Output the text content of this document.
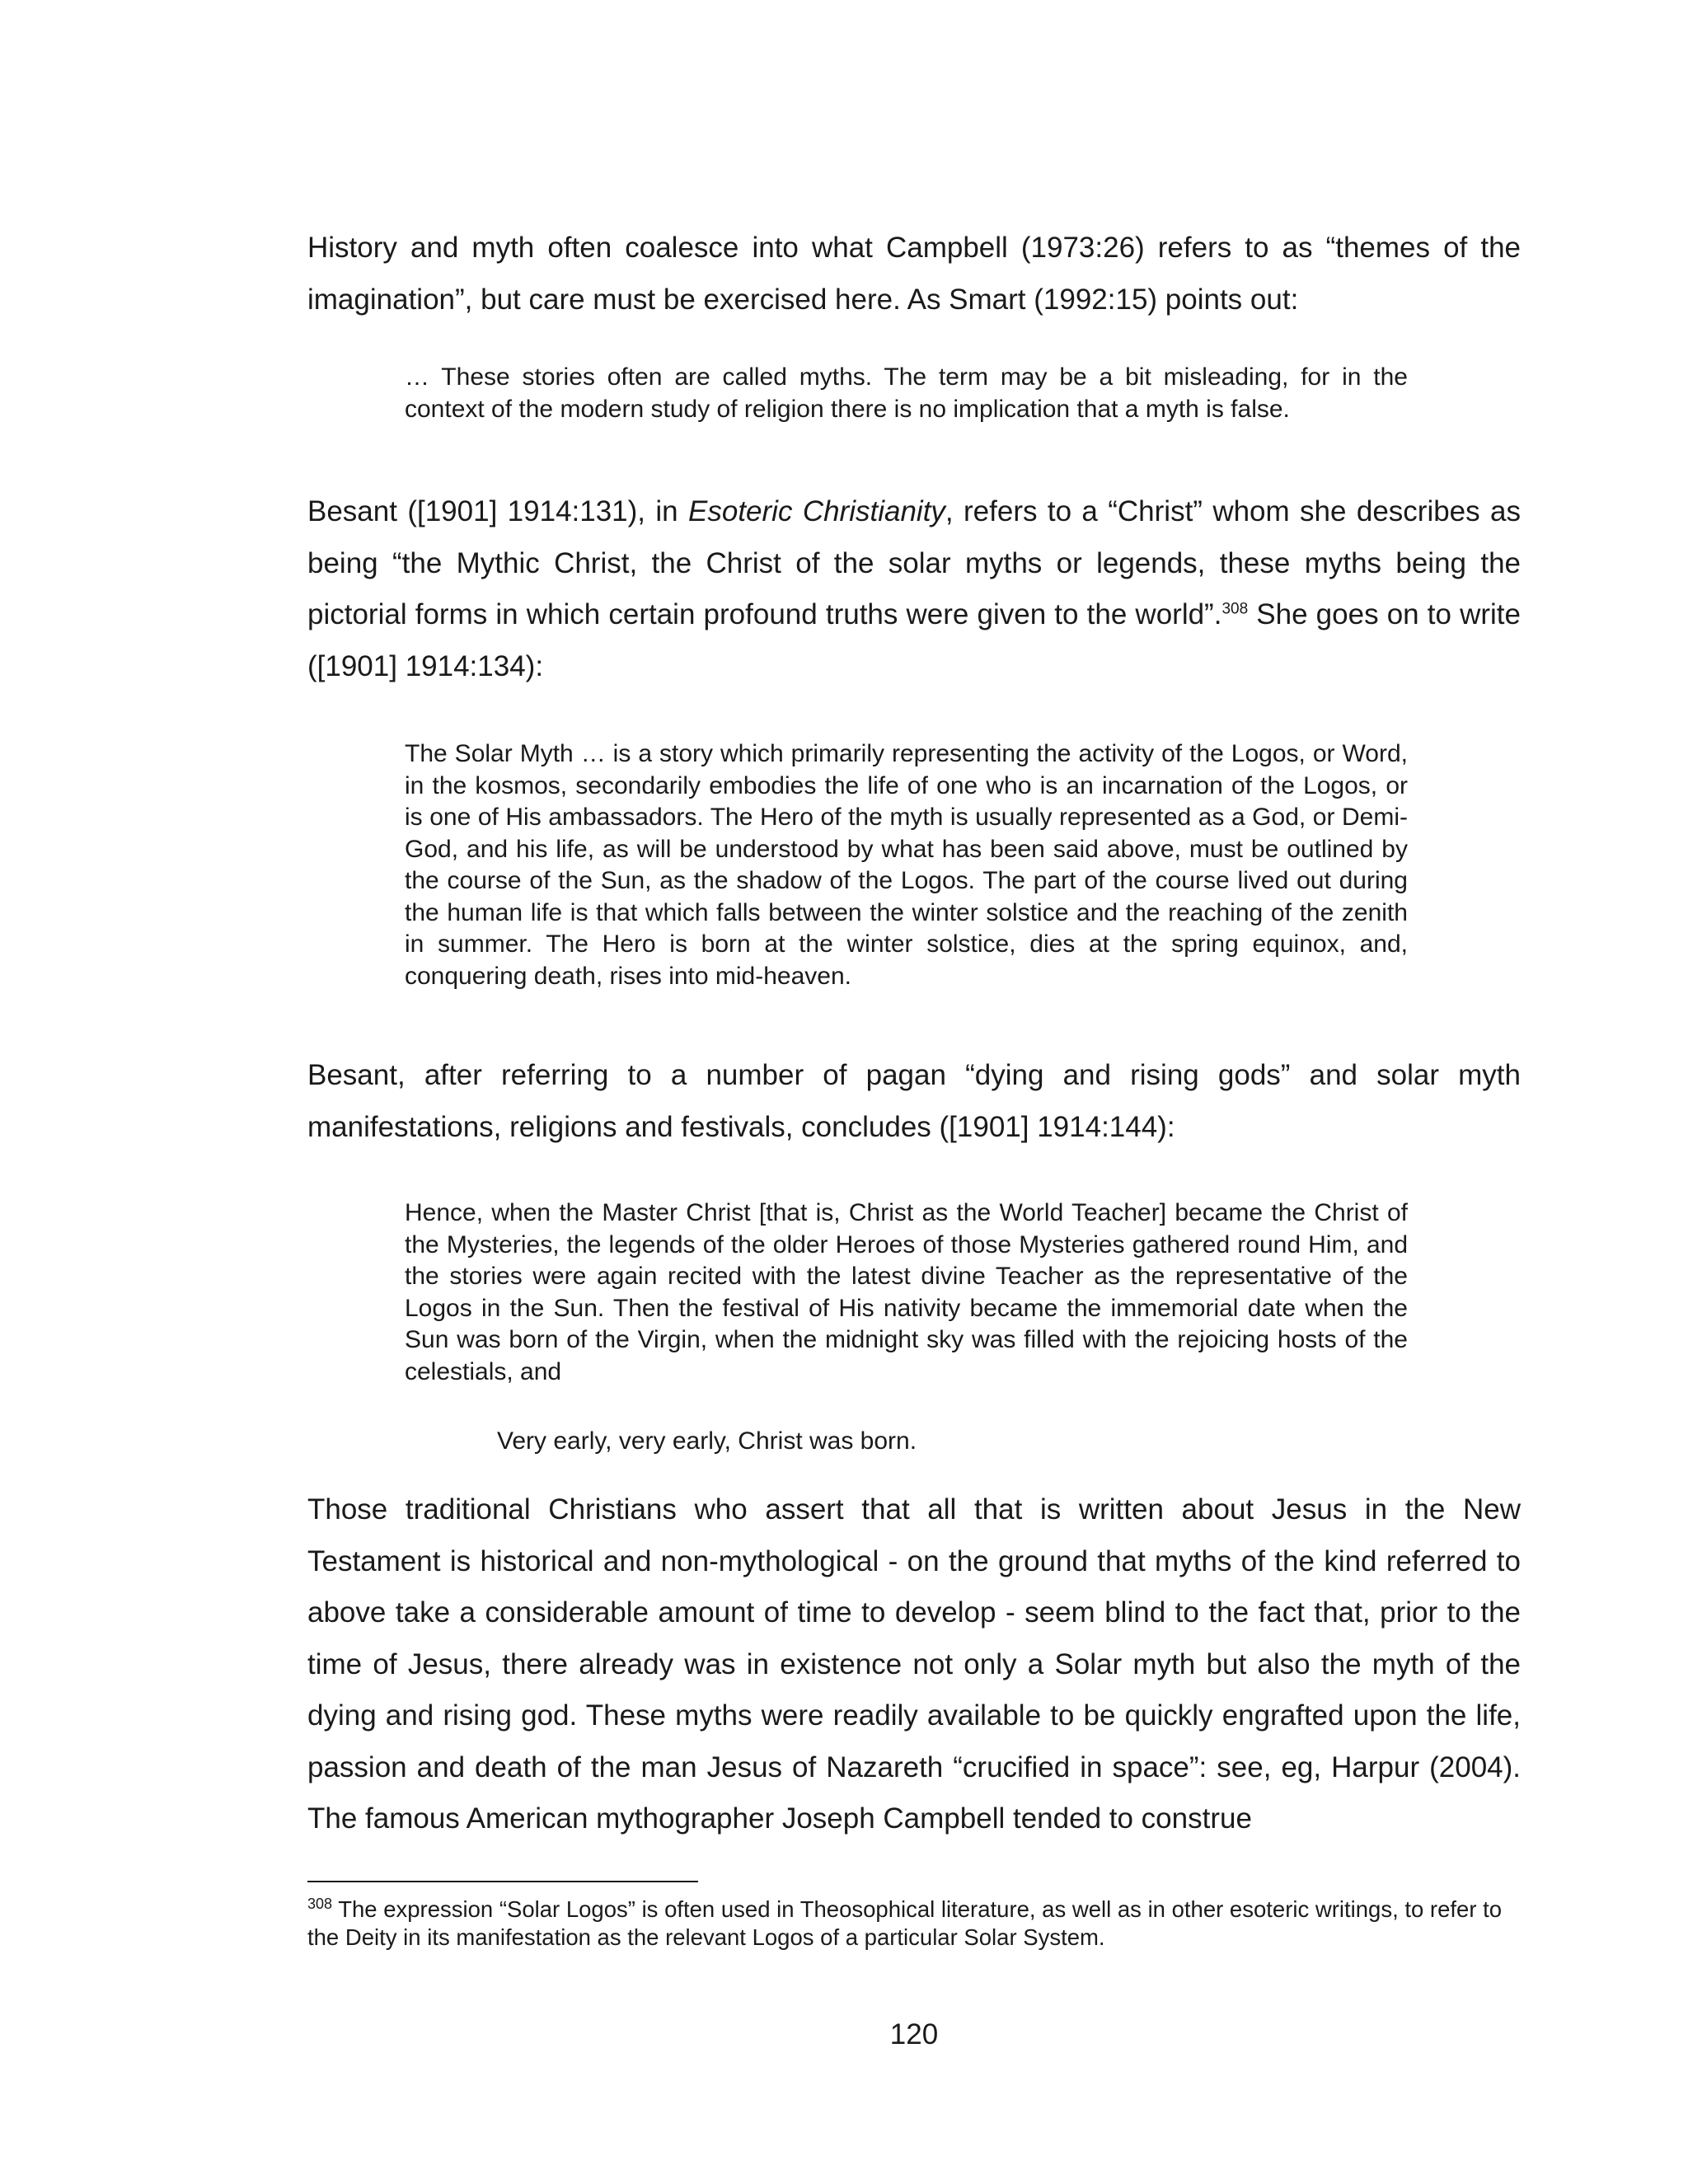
History and myth often coalesce into what Campbell (1973:26) refers to as “themes of the
imagination”, but care must be exercised here. As Smart (1992:15) points out:

… These stories often are called myths. The term may be a bit misleading, for in the context of the modern study of religion there is no implication that a myth is false.

Besant ([1901] 1914:131), in Esoteric Christianity, refers to a “Christ” whom she describes as being “the Mythic Christ, the Christ of the solar myths or legends, these myths being the pictorial forms in which certain profound truths were given to the world”.$^{308}$ She goes on to write ([1901] 1914:134):

The Solar Myth … is a story which primarily representing the activity of the Logos, or Word, in the kosmos, secondarily embodies the life of one who is an incarnation of the Logos, or is one of His ambassadors. The Hero of the myth is usually represented as a God, or Demi-God, and his life, as will be understood by what has been said above, must be outlined by the course of the Sun, as the shadow of the Logos. The part of the course lived out during the human life is that which falls between the winter solstice and the reaching of the zenith in summer. The Hero is born at the winter solstice, dies at the spring equinox, and, conquering death, rises into mid-heaven.

Besant, after referring to a number of pagan “dying and rising gods” and solar myth manifestations, religions and festivals, concludes ([1901] 1914:144):

Hence, when the Master Christ [that is, Christ as the World Teacher] became the Christ of the Mysteries, the legends of the older Heroes of those Mysteries gathered round Him, and the stories were again recited with the latest divine Teacher as the representative of the Logos in the Sun. Then the festival of His nativity became the immemorial date when the Sun was born of the Virgin, when the midnight sky was filled with the rejoicing hosts of the celestials, and

Very early, very early, Christ was born.

Those traditional Christians who assert that all that is written about Jesus in the New Testament is historical and non-mythological - on the ground that myths of the kind referred to above take a considerable amount of time to develop - seem blind to the fact that, prior to the time of Jesus, there already was in existence not only a Solar myth but also the myth of the dying and rising god. These myths were readily available to be quickly engrafted upon the life, passion and death of the man Jesus of Nazareth “crucified in space”: see, eg, Harpur (2004). The famous American mythographer Joseph Campbell tended to construe

$^{308}$ The expression “Solar Logos” is often used in Theosophical literature, as well as in other esoteric writings, to refer to the Deity in its manifestation as the relevant Logos of a particular Solar System.

120
